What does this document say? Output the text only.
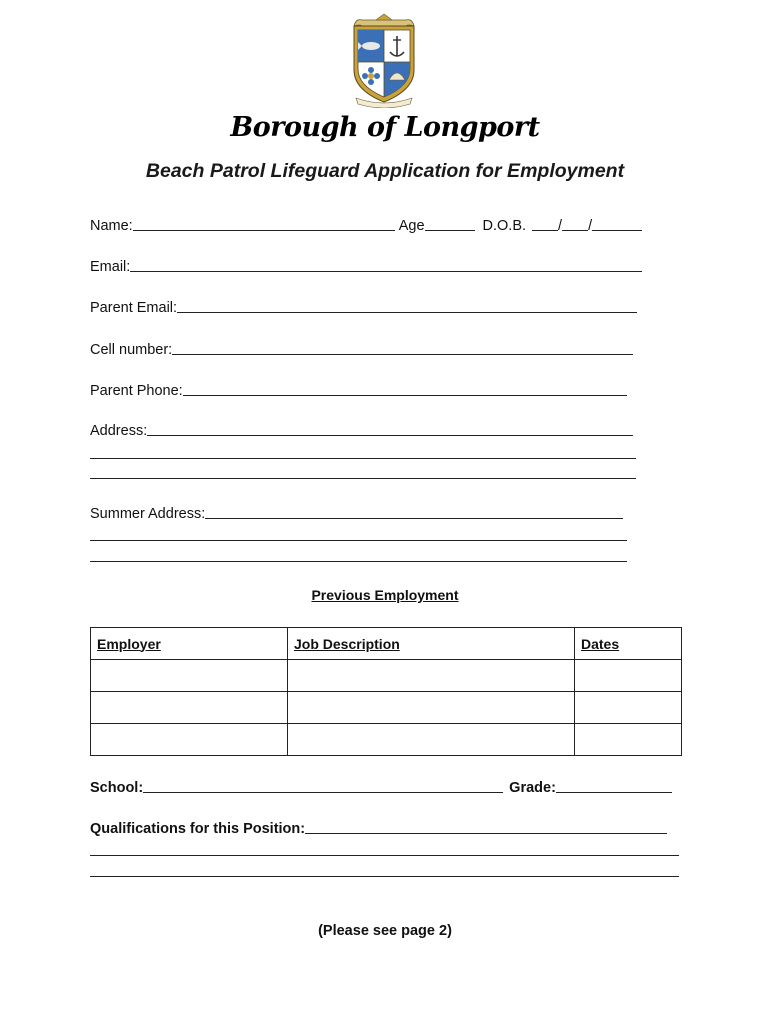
Borough of Longport
Beach Patrol Lifeguard Application for Employment
Name:	Age	D.O.B. / /
Email:
Parent Email:
Cell number:
Parent Phone:
Address:
Summer Address:
Previous Employment
Employer	Job Description	Dates

School:	Grade:
Qualifications for this Position:
(Please see page 2)
